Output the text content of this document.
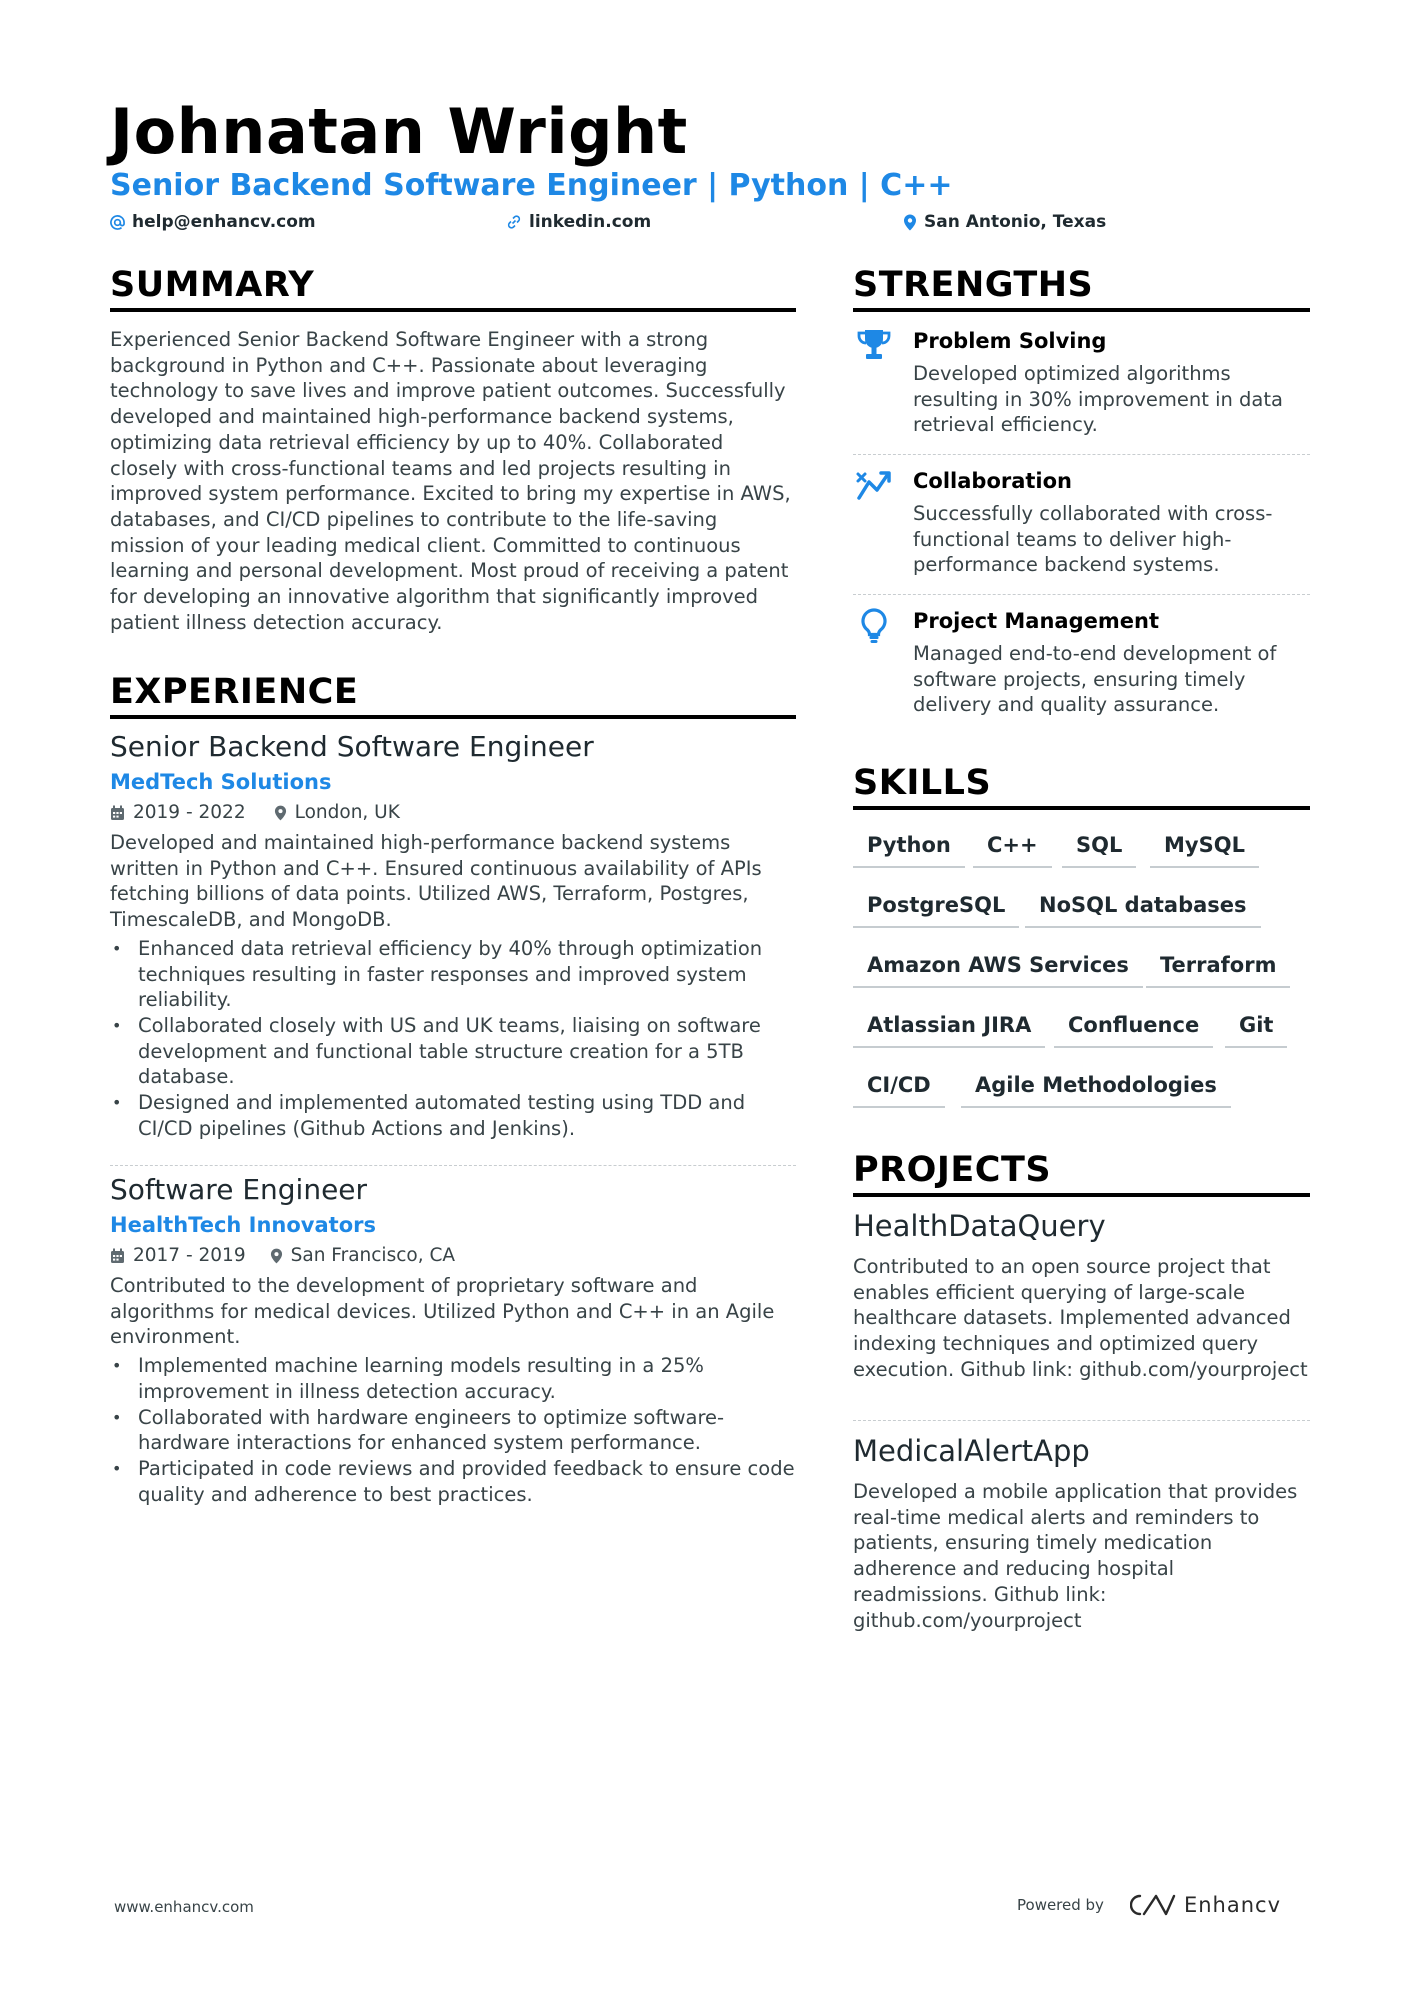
Johnatan Wright
Senior Backend Software Engineer | Python | C++
help@enhancv.com	linkedin.com	San Antonio, Texas
SUMMARY
Experienced Senior Backend Software Engineer with a strong background in Python and C++. Passionate about leveraging technology to save lives and improve patient outcomes. Successfully developed and maintained high-performance backend systems, optimizing data retrieval efficiency by up to 40%. Collaborated closely with cross-functional teams and led projects resulting in improved system performance. Excited to bring my expertise in AWS, databases, and CI/CD pipelines to contribute to the life-saving mission of your leading medical client. Committed to continuous learning and personal development. Most proud of receiving a patent for developing an innovative algorithm that significantly improved patient illness detection accuracy.
EXPERIENCE
Senior Backend Software Engineer
MedTech Solutions
2019 - 2022	London, UK
Developed and maintained high-performance backend systems written in Python and C++. Ensured continuous availability of APIs fetching billions of data points. Utilized AWS, Terraform, Postgres, TimescaleDB, and MongoDB.
• Enhanced data retrieval efficiency by 40% through optimization techniques resulting in faster responses and improved system reliability.
• Collaborated closely with US and UK teams, liaising on software development and functional table structure creation for a 5TB database.
• Designed and implemented automated testing using TDD and CI/CD pipelines (Github Actions and Jenkins).
Software Engineer
HealthTech Innovators
2017 - 2019 San Francisco, CA
Contributed to the development of proprietary software and algorithms for medical devices. Utilized Python and C++ in an Agile environment.
• Implemented machine learning models resulting in a 25% improvement in illness detection accuracy.
• Collaborated with hardware engineers to optimize software-hardware interactions for enhanced system performance.
• Participated in code reviews and provided feedback to ensure code quality and adherence to best practices.
STRENGTHS
Problem Solving
Developed optimized algorithms resulting in 30% improvement in data retrieval efficiency.
Collaboration
Successfully collaborated with cross-functional teams to deliver high-performance backend systems.
Project Management
Managed end-to-end development of software projects, ensuring timely delivery and quality assurance.
SKILLS
Python	C++	SQL	MySQL
PostgreSQL	NoSQL databases
Amazon AWS Services	Terraform
Atlassian JIRA	Confluence	Git
CI/CD	Agile Methodologies
PROJECTS
HealthDataQuery
Contributed to an open source project that enables efficient querying of large-scale healthcare datasets. Implemented advanced indexing techniques and optimized query execution. Github link: github.com/yourproject
MedicalAlertApp
Developed a mobile application that provides real-time medical alerts and reminders to patients, ensuring timely medication adherence and reducing hospital readmissions. Github link: github.com/yourproject
www.enhancv.com	Powered by	Enhancv
